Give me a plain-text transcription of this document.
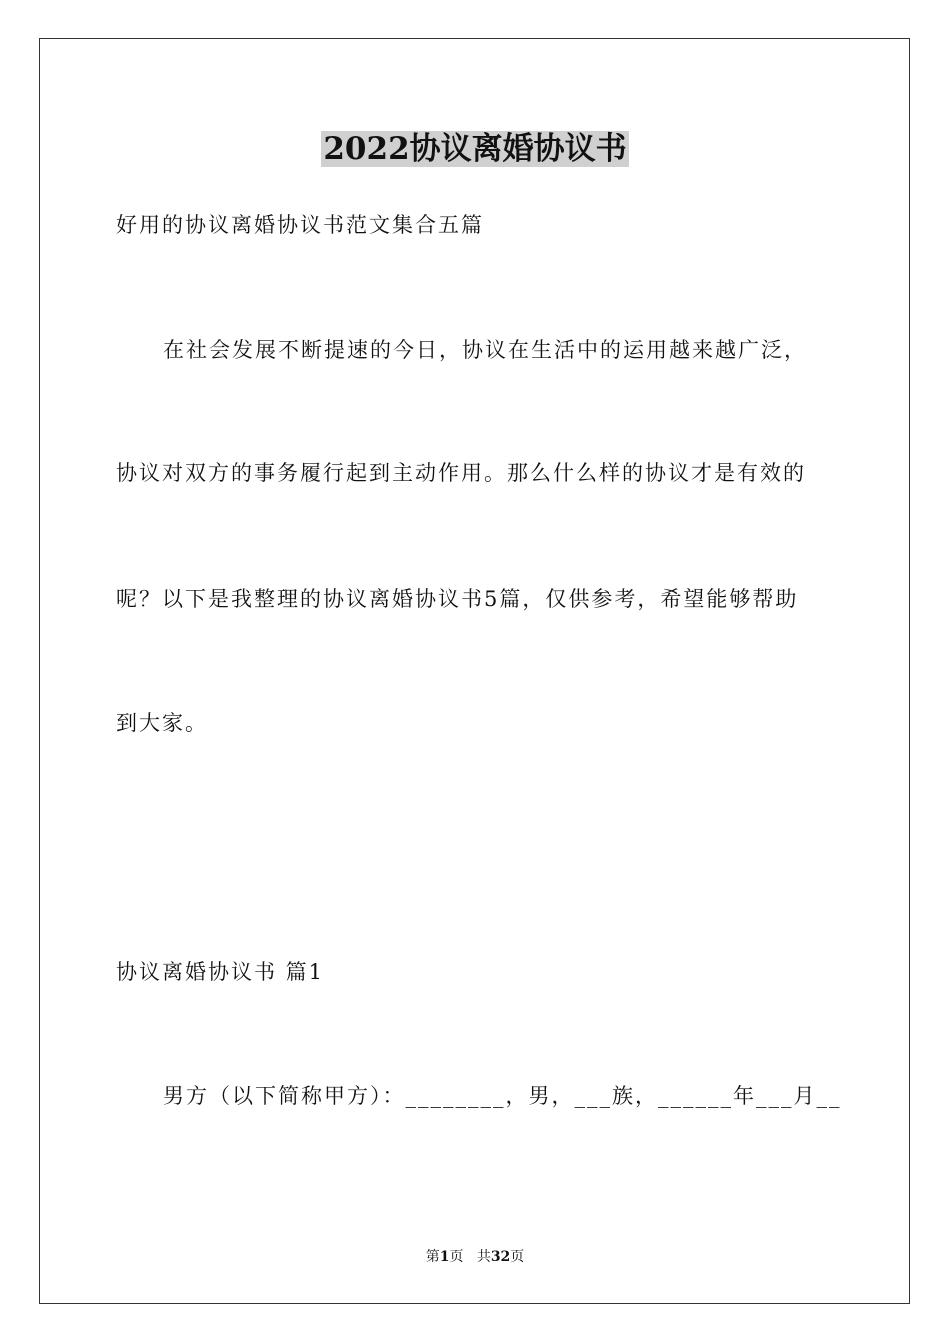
2022协议离婚协议书
好用的协议离婚协议书范文集合五篇
在社会发展不断提速的今日，协议在生活中的运用越来越广泛，
协议对双方的事务履行起到主动作用。那么什么样的协议才是有效的
呢？以下是我整理的协议离婚协议书5篇，仅供参考，希望能够帮助
到大家。
协议离婚协议书 篇1
男方（以下简称甲方）：________，男，___族，______年___月__
第1页 共32页
